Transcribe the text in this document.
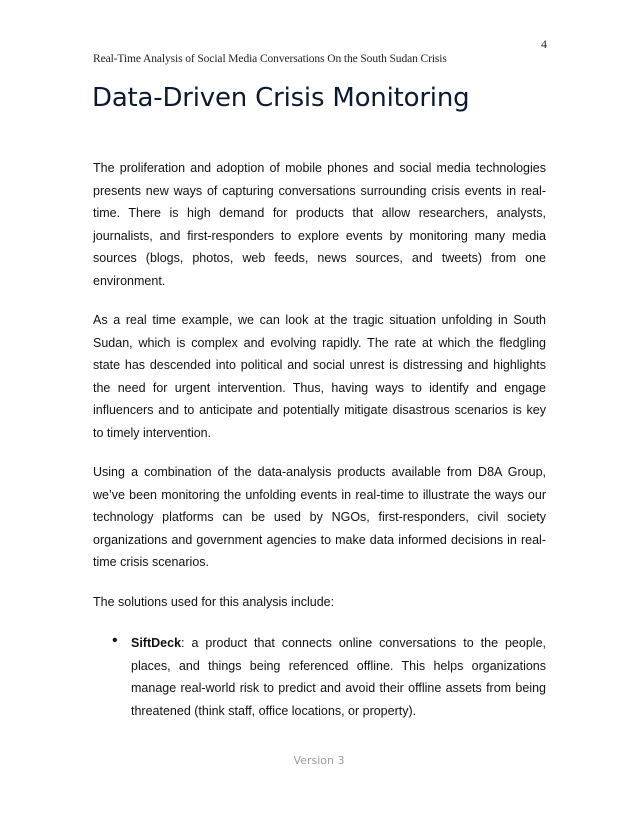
4
Real-Time Analysis of Social Media Conversations On the South Sudan Crisis
Data-Driven Crisis Monitoring

The proliferation and adoption of mobile phones and social media technologies presents new ways of capturing conversations surrounding crisis events in real-time. There is high demand for products that allow researchers, analysts, journalists, and first-responders to explore events by monitoring many media sources (blogs, photos, web feeds, news sources, and tweets) from one environment.

As a real time example, we can look at the tragic situation unfolding in South Sudan, which is complex and evolving rapidly. The rate at which the fledgling state has descended into political and social unrest is distressing and highlights the need for urgent intervention. Thus, having ways to identify and engage influencers and to anticipate and potentially mitigate disastrous scenarios is key to timely intervention.

Using a combination of the data-analysis products available from D8A Group, we’ve been monitoring the unfolding events in real-time to illustrate the ways our technology platforms can be used by NGOs, first-responders, civil society organizations and government agencies to make data informed decisions in real-time crisis scenarios.

The solutions used for this analysis include:

• SiftDeck: a product that connects online conversations to the people, places, and things being referenced offline. This helps organizations manage real-world risk to predict and avoid their offline assets from being threatened (think staff, office locations, or property).
Version 3
